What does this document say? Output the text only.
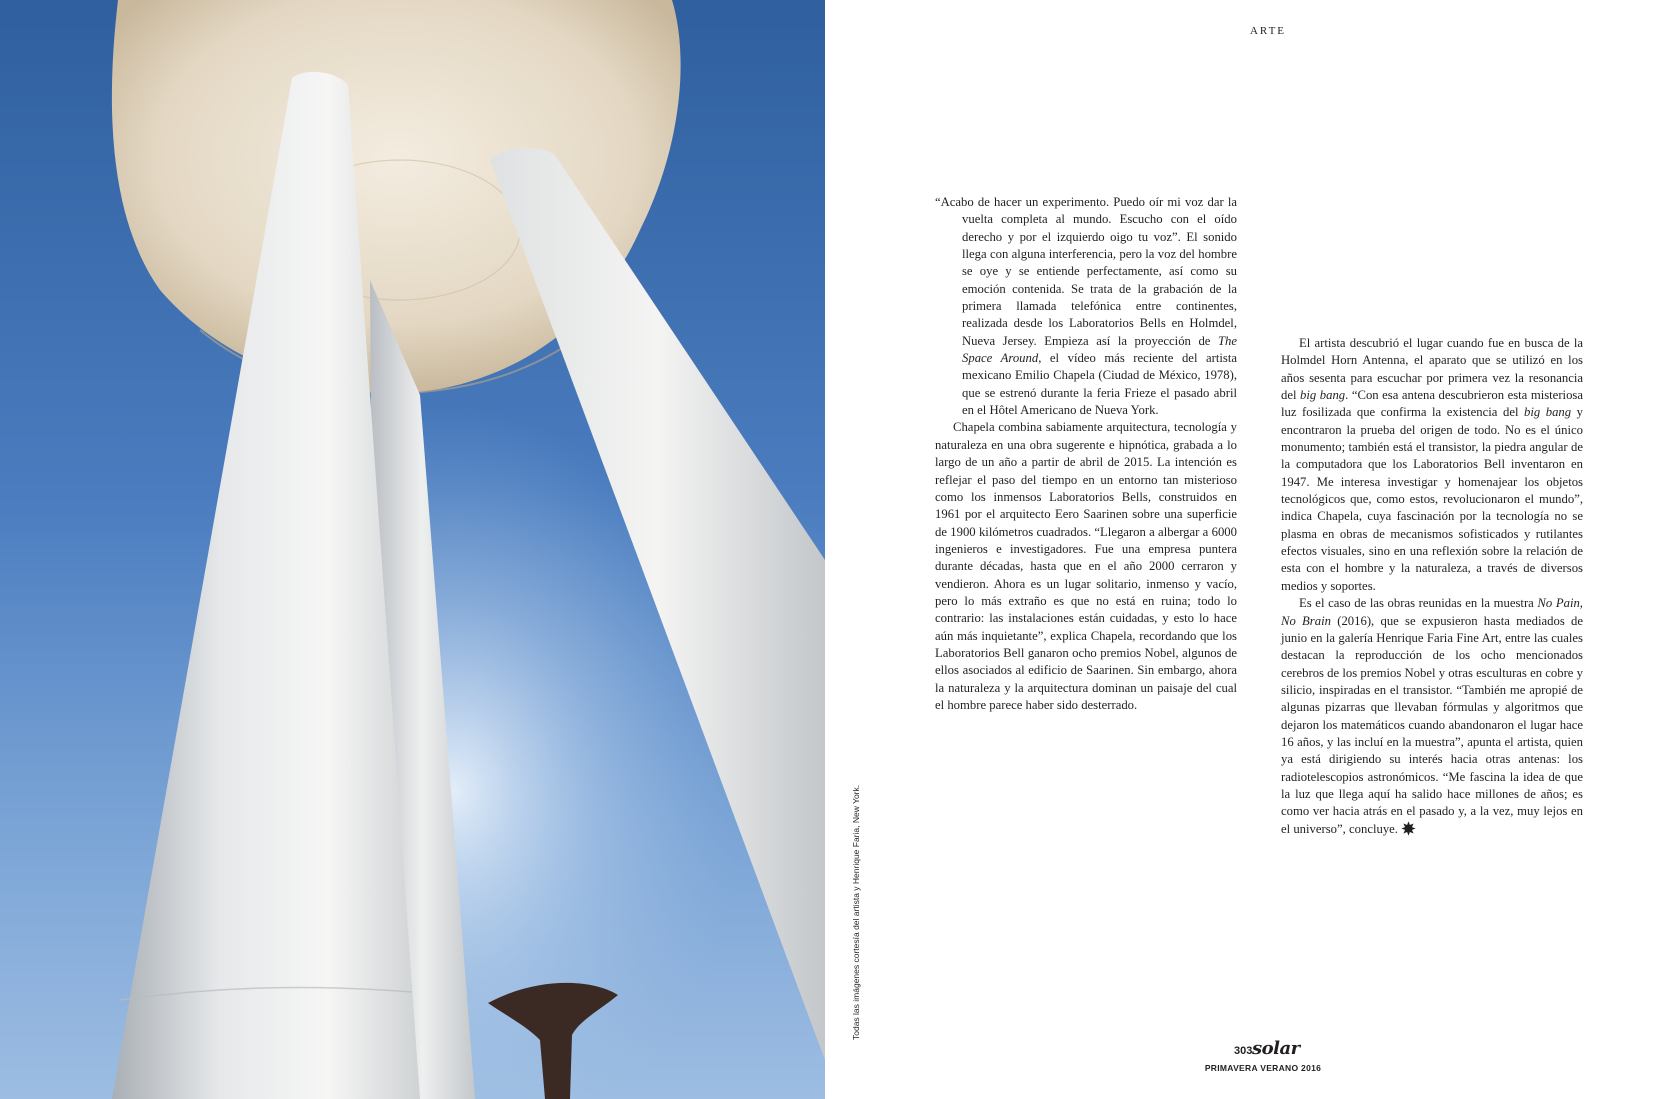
ARTE
Todas las imágenes cortesía del artista y Henrique Faria, New York.

“Acabo de hacer un experimento. Puedo oír mi voz dar la vuelta completa al mundo. Escucho con el oído derecho y por el izquierdo oigo tu voz”. El sonido llega con alguna interferencia, pero la voz del hombre se oye y se entiende perfectamente, así como su emoción contenida. Se trata de la grabación de la primera llamada telefónica entre continentes, realizada desde los Laboratorios Bells en Holmdel, Nueva Jersey. Empieza así la proyección de The Space Around, el vídeo más reciente del artista mexicano Emilio Chapela (Ciudad de México, 1978), que se estrenó durante la feria Frieze el pasado abril en el Hôtel Americano de Nueva York.

Chapela combina sabiamente arquitectura, tecnología y naturaleza en una obra sugerente e hipnótica, grabada a lo largo de un año a partir de abril de 2015. La intención es reflejar el paso del tiempo en un entorno tan misterioso como los inmensos Laboratorios Bells, construidos en 1961 por el arquitecto Eero Saarinen sobre una superficie de 1900 kilómetros cuadrados. “Llegaron a albergar a 6000 ingenieros e investigadores. Fue una empresa puntera durante décadas, hasta que en el año 2000 cerraron y vendieron. Ahora es un lugar solitario, inmenso y vacío, pero lo más extraño es que no está en ruina; todo lo contrario: las instalaciones están cuidadas, y esto lo hace aún más inquietante”, explica Chapela, recordando que los Laboratorios Bell ganaron ocho premios Nobel, algunos de ellos asociados al edificio de Saarinen. Sin embargo, ahora la naturaleza y la arquitectura dominan un paisaje del cual el hombre parece haber sido desterrado.

El artista descubrió el lugar cuando fue en busca de la Holmdel Horn Antenna, el aparato que se utilizó en los años sesenta para escuchar por primera vez la resonancia del big bang. “Con esa antena descubrieron esta misteriosa luz fosilizada que confirma la existencia del big bang y encontraron la prueba del origen de todo. No es el único monumento; también está el transistor, la piedra angular de la computadora que los Laboratorios Bell inventaron en 1947. Me interesa investigar y homenajear los objetos tecnológicos que, como estos, revolucionaron el mundo”, indica Chapela, cuya fascinación por la tecnología no se plasma en obras de mecanismos sofisticados y rutilantes efectos visuales, sino en una reflexión sobre la relación de esta con el hombre y la naturaleza, a través de diversos medios y soportes.

Es el caso de las obras reunidas en la muestra No Pain, No Brain (2016), que se expusieron hasta mediados de junio en la galería Henrique Faria Fine Art, entre las cuales destacan la reproducción de los ocho mencionados cerebros de los premios Nobel y otras esculturas en cobre y silicio, inspiradas en el transistor. “También me apropié de algunas pizarras que llevaban fórmulas y algoritmos que dejaron los matemáticos cuando abandonaron el lugar hace 16 años, y las incluí en la muestra”, apunta el artista, quien ya está dirigiendo su interés hacia otras antenas: los radiotelescopios astronómicos. “Me fascina la idea de que la luz que llega aquí ha salido hace millones de años; es como ver hacia atrás en el pasado y, a la vez, muy lejos en el universo”, concluye.

303 solar
PRIMAVERA VERANO 2016
